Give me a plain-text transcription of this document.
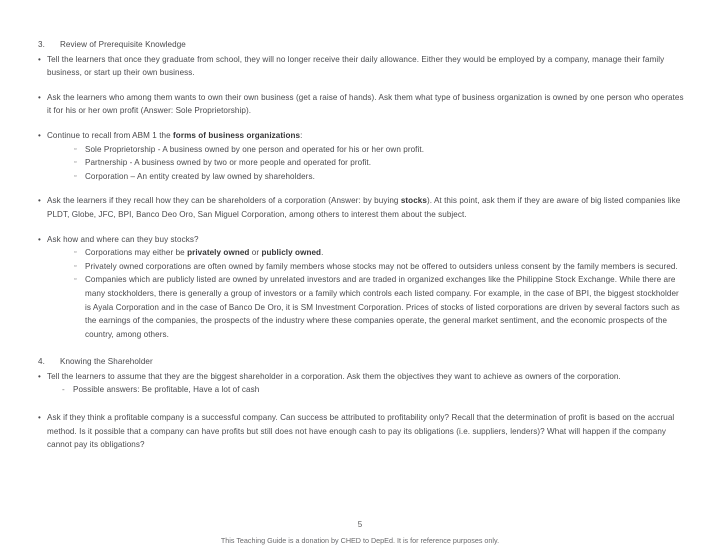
3.	Review of Prerequisite Knowledge
• Tell the learners that once they graduate from school, they will no longer receive their daily allowance. Either they would be employed by a company, manage their family business, or start up their own business.
• Ask the learners who among them wants to own their own business (get a raise of hands). Ask them what type of business organization is owned by one person who operates it for his or her own profit (Answer: Sole Proprietorship).
• Continue to recall from ABM 1 the forms of business organizations:
▫	Sole Proprietorship - A business owned by one person and operated for his or her own profit.
▫	Partnership - A business owned by two or more people and operated for profit.
▫	Corporation – An entity created by law owned by shareholders.
• Ask the learners if they recall how they can be shareholders of a corporation (Answer: by buying stocks). At this point, ask them if they are aware of big listed companies like PLDT, Globe, JFC, BPI, Banco Deo Oro, San Miguel Corporation, among others to interest them about the subject.
• Ask how and where can they buy stocks?
▫	Corporations may either be privately owned or publicly owned.
▫	Privately owned corporations are often owned by family members whose stocks may not be offered to outsiders unless consent by the family members is secured.
▫	Companies which are publicly listed are owned by unrelated investors and are traded in organized exchanges like the Philippine Stock Exchange. While there are many stockholders, there is generally a group of investors or a family which controls each listed company. For example, in the case of BPI, the biggest stockholder is Ayala Corporation and in the case of Banco De Oro, it is SM Investment Corporation. Prices of stocks of listed corporations are driven by several factors such as the earnings of the companies, the prospects of the industry where these companies operate, the general market sentiment, and the economic prospects of the country, among others.
4.	Knowing the Shareholder
• Tell the learners to assume that they are the biggest shareholder in a corporation. Ask them the objectives they want to achieve as owners of the corporation.
-	Possible answers: Be profitable, Have a lot of cash
• Ask if they think a profitable company is a successful company. Can success be attributed to profitability only? Recall that the determination of profit is based on the accrual method. Is it possible that a company can have profits but still does not have enough cash to pay its obligations (i.e. suppliers, lenders)? What will happen if the company cannot pay its obligations?
5
This Teaching Guide is a donation by CHED to DepEd. It is for reference purposes only.
